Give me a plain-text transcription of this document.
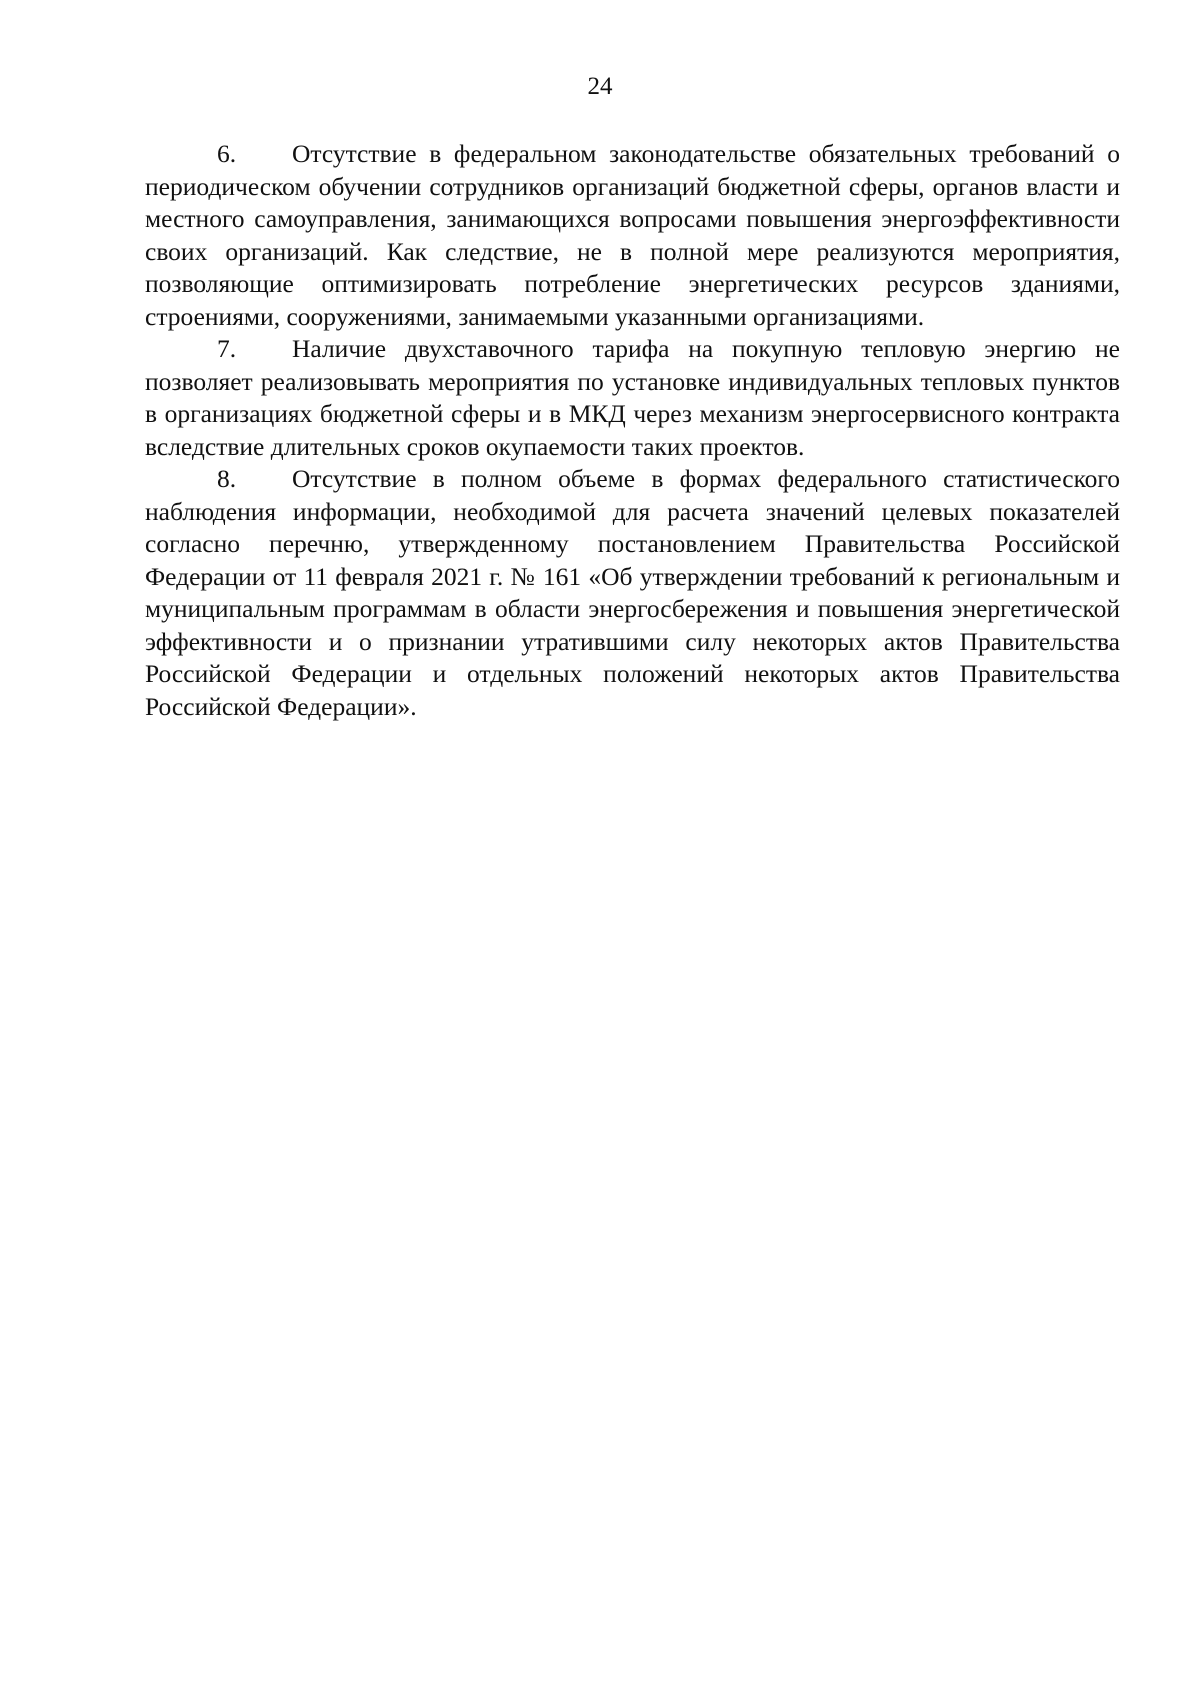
24

6. Отсутствие в федеральном законодательстве обязательных требований о периодическом обучении сотрудников организаций бюджетной сферы, органов власти и местного самоуправления, занимающихся вопросами повышения энергоэффективности своих организаций. Как следствие, не в полной мере реализуются мероприятия, позволяющие оптимизировать потребление энергетических ресурсов зданиями, строениями, сооружениями, занимаемыми указанными организациями.

7. Наличие двухставочного тарифа на покупную тепловую энергию не позволяет реализовывать мероприятия по установке индивидуальных тепловых пунктов в организациях бюджетной сферы и в МКД через механизм энергосервисного контракта вследствие длительных сроков окупаемости таких проектов.

8. Отсутствие в полном объеме в формах федерального статистического наблюдения информации, необходимой для расчета значений целевых показателей согласно перечню, утвержденному постановлением Правительства Российской Федерации от 11 февраля 2021 г. № 161 «Об утверждении требований к региональным и муниципальным программам в области энергосбережения и повышения энергетической эффективности и о признании утратившими силу некоторых актов Правительства Российской Федерации и отдельных положений некоторых актов Правительства Российской Федерации».
